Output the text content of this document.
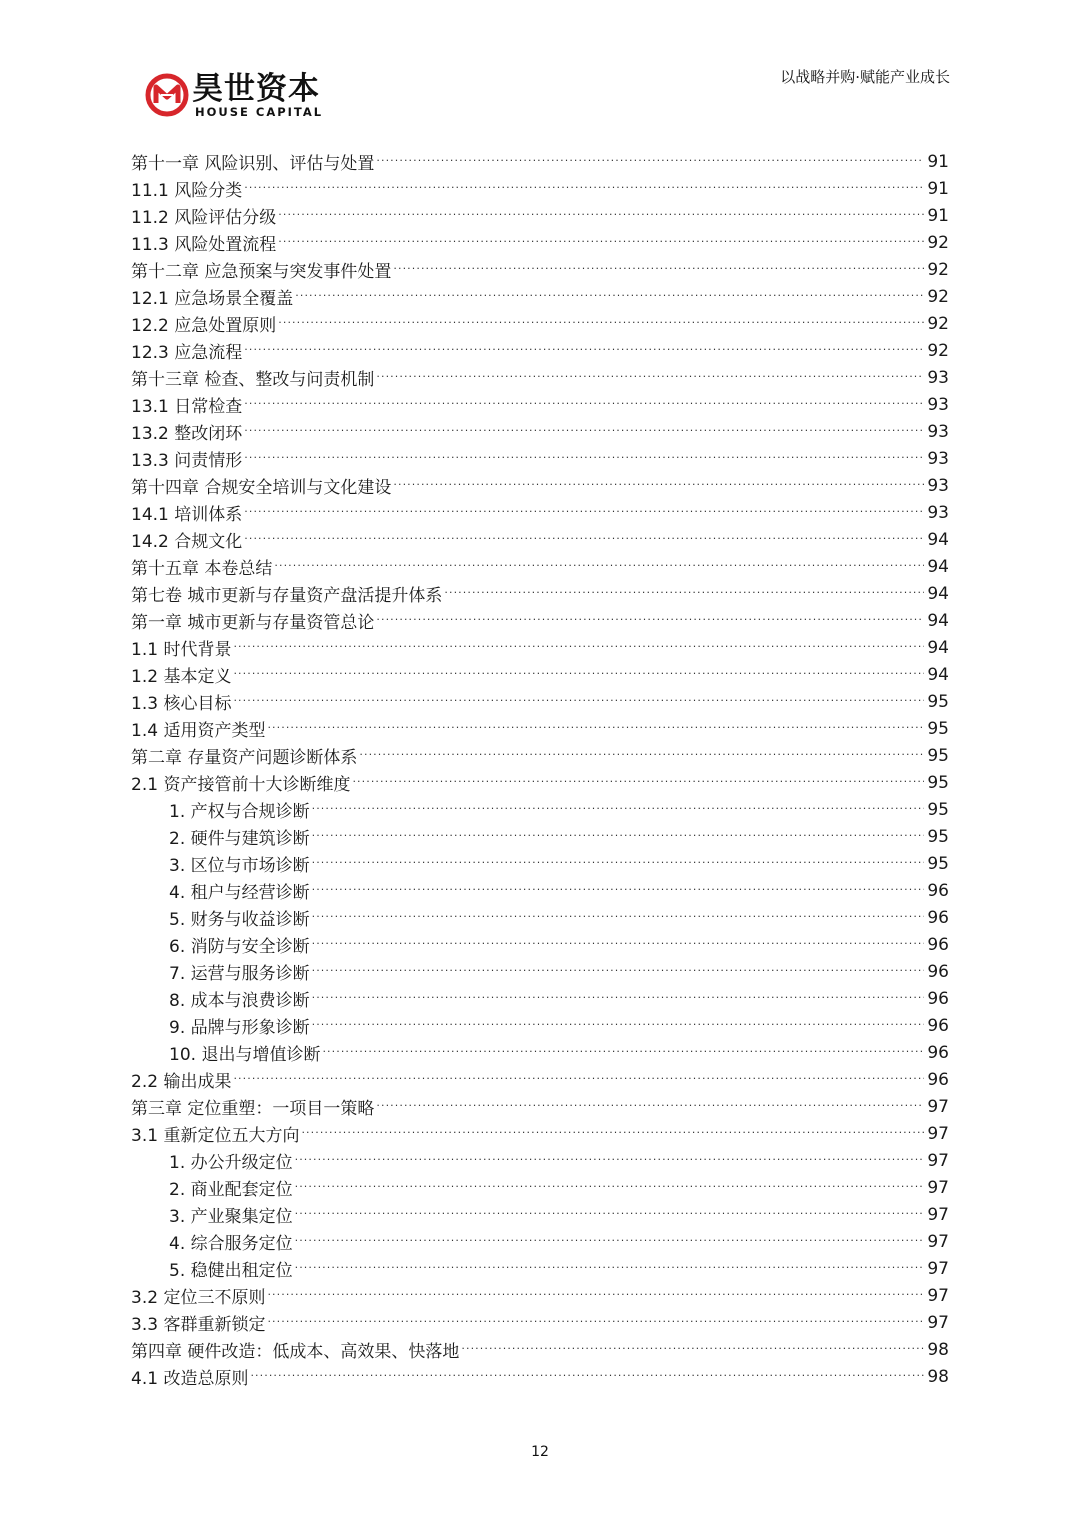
昊世资本
HOUSE CAPITAL
以战略并购·赋能产业成长
第十一章 风险识别、评估与处置 . . .	91
11.1 风险分类 . . .	91
11.2 风险评估分级 . . .	91
11.3 风险处置流程 . . .	92
第十二章 应急预案与突发事件处置 . . .	92
12.1 应急场景全覆盖 . . .	92
12.2 应急处置原则 . . .	92
12.3 应急流程 . . .	92
第十三章 检查、整改与问责机制 . . .	93
13.1 日常检查 . . .	93
13.2 整改闭环 . . .	93
13.3 问责情形 . . .	93
第十四章 合规安全培训与文化建设 . . .	93
14.1 培训体系 . . .	93
14.2 合规文化 . . .	94
第十五章 本卷总结 . . .	94
第七卷 城市更新与存量资产盘活提升体系 . . .	94
第一章 城市更新与存量资管总论 . . .	94
1.1 时代背景 . . .	94
1.2 基本定义 . . .	94
1.3 核心目标 . . .	95
1.4 适用资产类型 . . .	95
第二章 存量资产问题诊断体系 . . .	95
2.1 资产接管前十大诊断维度 . . .	95
1. 产权与合规诊断 . . .	95
2. 硬件与建筑诊断 . . .	95
3. 区位与市场诊断 . . .	95
4. 租户与经营诊断 . . .	96
5. 财务与收益诊断 . . .	96
6. 消防与安全诊断 . . .	96
7. 运营与服务诊断 . . .	96
8. 成本与浪费诊断 . . .	96
9. 品牌与形象诊断 . . .	96
10. 退出与增值诊断 . . .	96
2.2 输出成果 . . .	96
第三章 定位重塑：一项目一策略 . . .	97
3.1 重新定位五大方向 . . .	97
1. 办公升级定位 . . .	97
2. 商业配套定位 . . .	97
3. 产业聚集定位 . . .	97
4. 综合服务定位 . . .	97
5. 稳健出租定位 . . .	97
3.2 定位三不原则 . . .	97
3.3 客群重新锁定 . . .	97
第四章 硬件改造：低成本、高效果、快落地 . . .	98
4.1 改造总原则 . . .	98
12
